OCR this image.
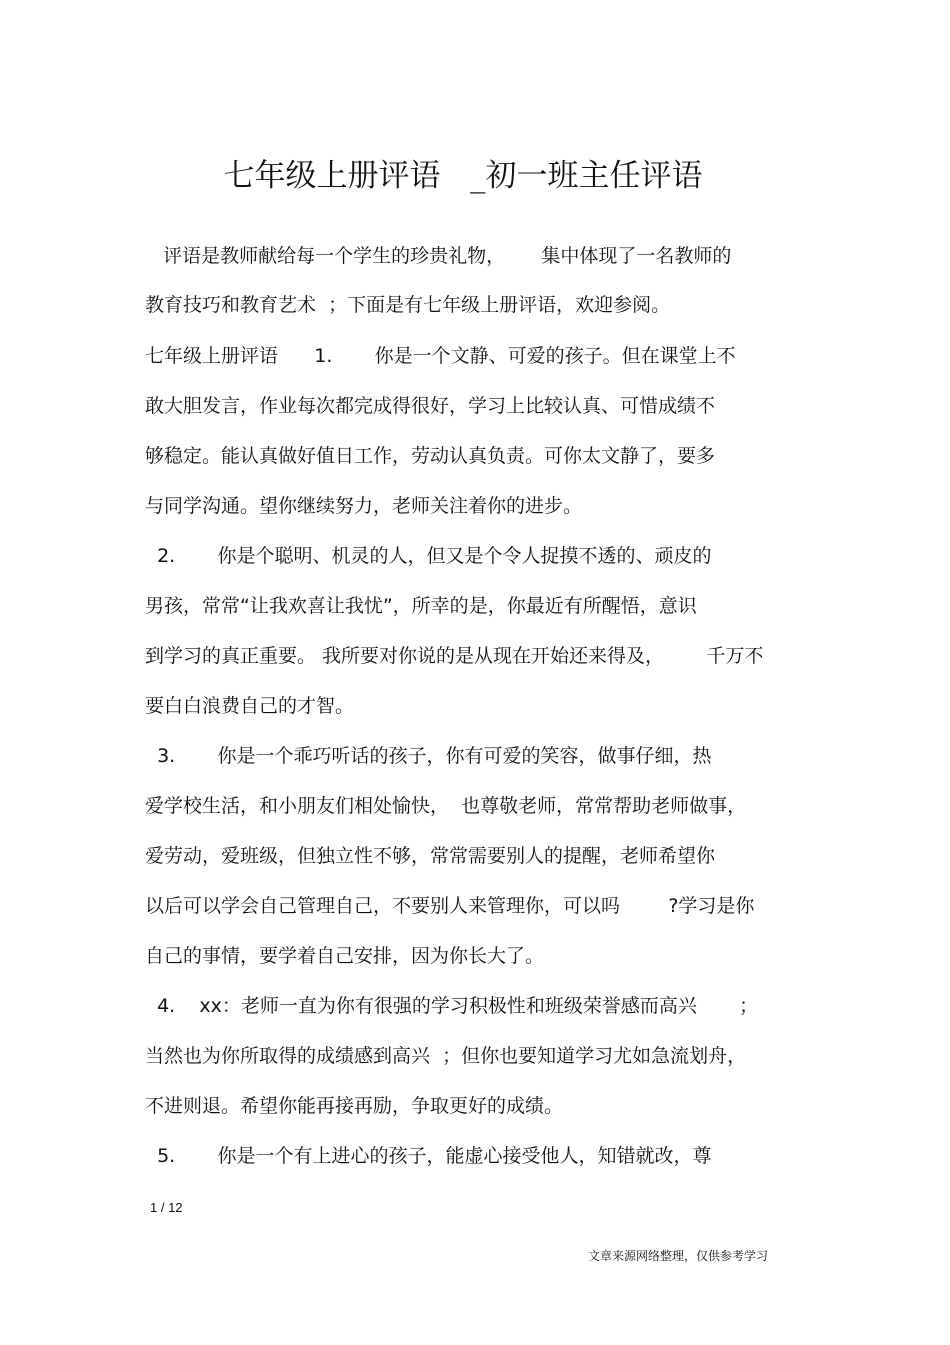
七年级上册评语   _初一班主任评语
评语是教师献给每一个学生的珍贵礼物，      集中体现了一名教师的
教育技巧和教育艺术  ；下面是有七年级上册评语，欢迎参阅。
七年级上册评语      1.       你是一个文静、可爱的孩子。但在课堂上不
敢大胆发言，作业每次都完成得很好，学习上比较认真、可惜成绩不
够稳定。能认真做好值日工作，劳动认真负责。可你太文静了，要多
与同学沟通。望你继续努力，老师关注着你的进步。
2.       你是个聪明、机灵的人，但又是个令人捉摸不透的、顽皮的
男孩，常常“让我欢喜让我忧”，所幸的是，你最近有所醒悟，意识
到学习的真正重要。 我所要对你说的是从现在开始还来得及，       千万不
要白白浪费自己的才智。
3.       你是一个乖巧听话的孩子，你有可爱的笑容，做事仔细，热
爱学校生活，和小朋友们相处愉快，  也尊敬老师，常常帮助老师做事，
爱劳动，爱班级，但独立性不够，常常需要别人的提醒，老师希望你
以后可以学会自己管理自己，不要别人来管理你，可以吗        ?学习是你
自己的事情，要学着自己安排，因为你长大了。
4.    xx：老师一直为你有很强的学习积极性和班级荣誉感而高兴       ；
当然也为你所取得的成绩感到高兴  ；但你也要知道学习尤如急流划舟，
不进则退。希望你能再接再励，争取更好的成绩。
5.       你是一个有上进心的孩子，能虚心接受他人，知错就改，尊
1 / 12
文章来源网络整理，仅供参考学习
